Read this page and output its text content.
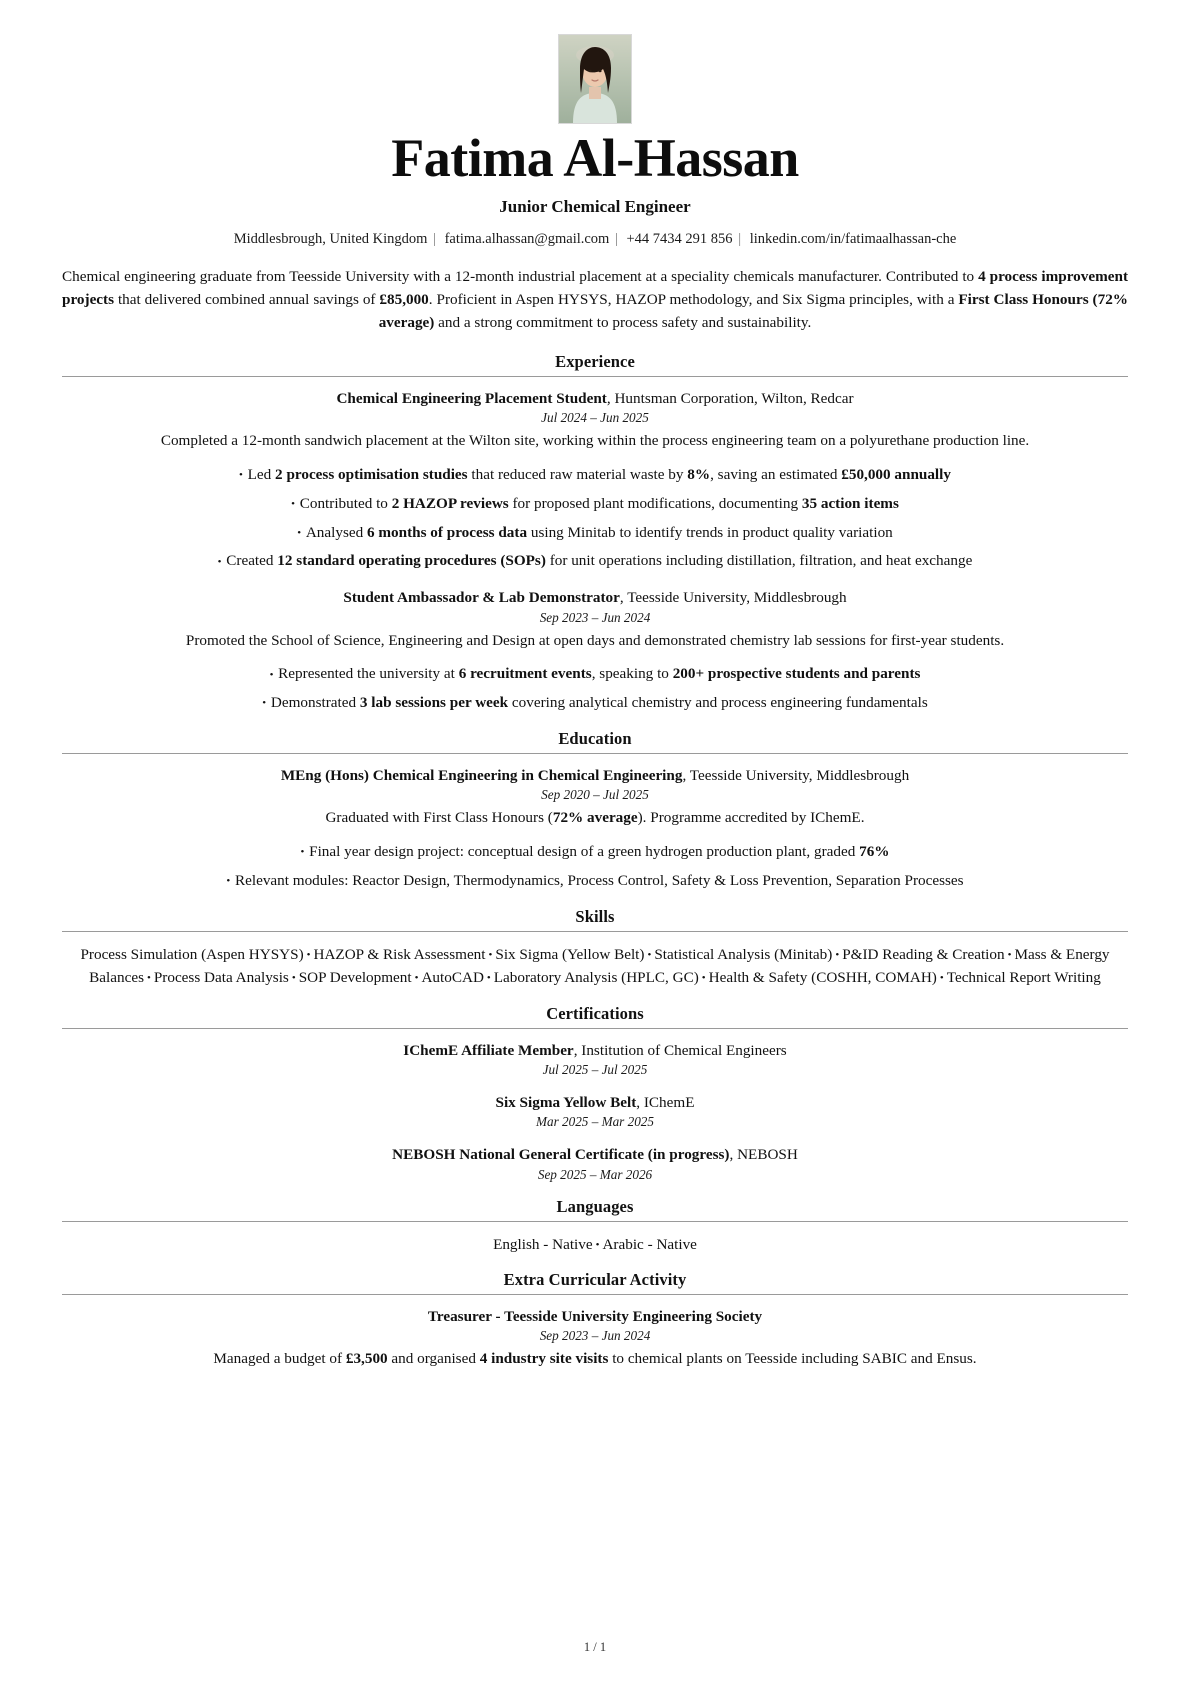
Fatima Al-Hassan
Junior Chemical Engineer
Middlesbrough, United Kingdom | fatima.alhassan@gmail.com | +44 7434 291 856 | linkedin.com/in/fatimaalhassan-che

Chemical engineering graduate from Teesside University with a 12-month industrial placement at a speciality chemicals manufacturer. Contributed to 4 process improvement projects that delivered combined annual savings of £85,000. Proficient in Aspen HYSYS, HAZOP methodology, and Six Sigma principles, with a First Class Honours (72% average) and a strong commitment to process safety and sustainability.

Experience
Chemical Engineering Placement Student, Huntsman Corporation, Wilton, Redcar
Jul 2024 – Jun 2025
Completed a 12-month sandwich placement at the Wilton site, working within the process engineering team on a polyurethane production line.
• Led 2 process optimisation studies that reduced raw material waste by 8%, saving an estimated £50,000 annually
• Contributed to 2 HAZOP reviews for proposed plant modifications, documenting 35 action items
• Analysed 6 months of process data using Minitab to identify trends in product quality variation
• Created 12 standard operating procedures (SOPs) for unit operations including distillation, filtration, and heat exchange
Student Ambassador & Lab Demonstrator, Teesside University, Middlesbrough
Sep 2023 – Jun 2024
Promoted the School of Science, Engineering and Design at open days and demonstrated chemistry lab sessions for first-year students.
• Represented the university at 6 recruitment events, speaking to 200+ prospective students and parents
• Demonstrated 3 lab sessions per week covering analytical chemistry and process engineering fundamentals
Education
MEng (Hons) Chemical Engineering in Chemical Engineering, Teesside University, Middlesbrough
Sep 2020 – Jul 2025
Graduated with First Class Honours (72% average). Programme accredited by IChemE.
• Final year design project: conceptual design of a green hydrogen production plant, graded 76%
• Relevant modules: Reactor Design, Thermodynamics, Process Control, Safety & Loss Prevention, Separation Processes
Skills
Process Simulation (Aspen HYSYS) • HAZOP & Risk Assessment • Six Sigma (Yellow Belt) • Statistical Analysis (Minitab) • P&ID Reading & Creation • Mass & Energy Balances • Process Data Analysis • SOP Development • AutoCAD • Laboratory Analysis (HPLC, GC) • Health & Safety (COSHH, COMAH) • Technical Report Writing
Certifications
IChemE Affiliate Member, Institution of Chemical Engineers
Jul 2025 – Jul 2025
Six Sigma Yellow Belt, IChemE
Mar 2025 – Mar 2025
NEBOSH National General Certificate (in progress), NEBOSH
Sep 2025 – Mar 2026
Languages
English - Native • Arabic - Native
Extra Curricular Activity
Treasurer - Teesside University Engineering Society
Sep 2023 – Jun 2024
Managed a budget of £3,500 and organised 4 industry site visits to chemical plants on Teesside including SABIC and Ensus.
1 / 1
